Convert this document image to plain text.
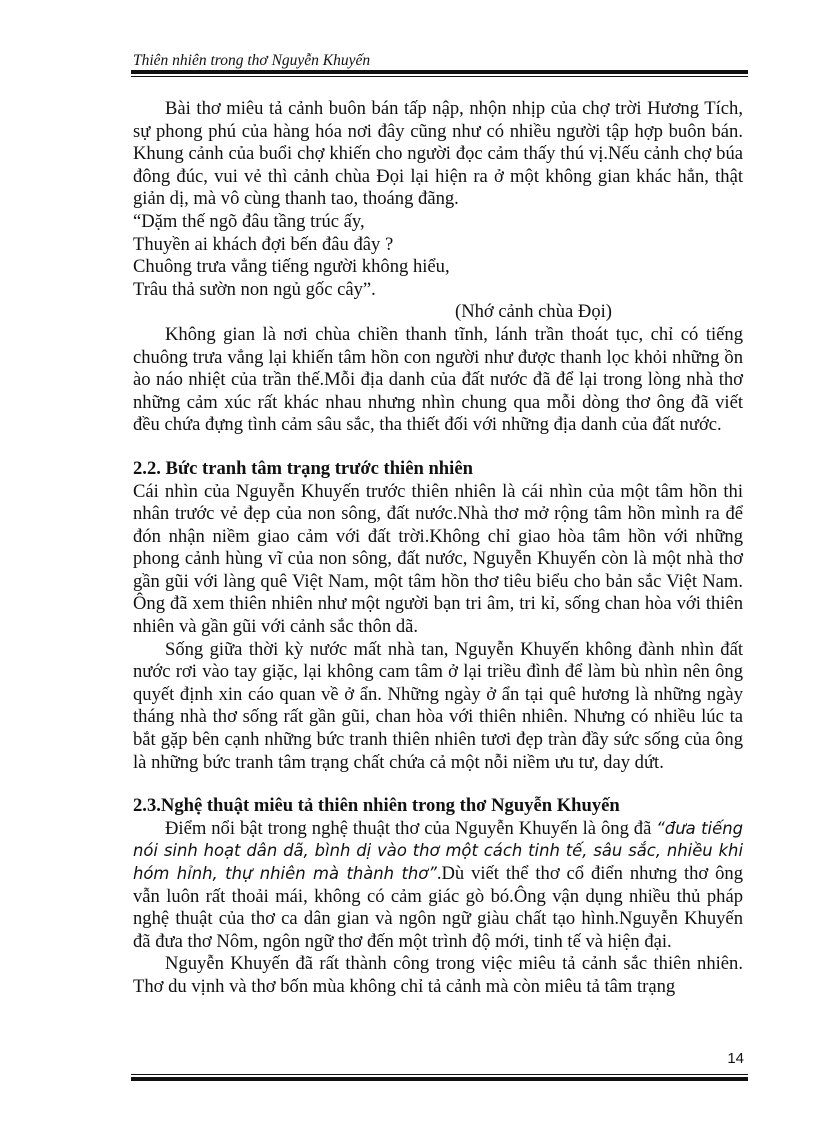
Thiên nhiên trong thơ Nguyễn Khuyến

Bài thơ miêu tả cảnh buôn bán tấp nập, nhộn nhịp của chợ trời Hương Tích, sự phong phú của hàng hóa nơi đây cũng như có nhiều người tập hợp buôn bán. Khung cảnh của buổi chợ khiến cho người đọc cảm thấy thú vị.Nếu cảnh chợ búa đông đúc, vui vẻ thì cảnh chùa Đọi lại hiện ra ở một không gian khác hẳn, thật giản dị, mà vô cùng thanh tao, thoáng đãng.

“Dặm thế ngõ đâu tầng trúc ấy,
Thuyền ai khách đợi bến đâu đây ?
Chuông trưa vẳng tiếng người không hiểu,
Trâu thả sườn non ngủ gốc cây”.

(Nhớ cảnh chùa Đọi)

Không gian là nơi chùa chiền thanh tĩnh, lánh trần thoát tục, chỉ có tiếng chuông trưa vẳng lại khiến tâm hồn con người như được thanh lọc khỏi những ồn ào náo nhiệt của trần thế.Mỗi địa danh của đất nước đã để lại trong lòng nhà thơ những cảm xúc rất khác nhau nhưng nhìn chung qua mỗi dòng thơ ông đã viết đều chứa đựng tình cảm sâu sắc, tha thiết đối với những địa danh của đất nước.

2.2. Bức tranh tâm trạng trước thiên nhiên

Cái nhìn của Nguyễn Khuyến trước thiên nhiên là cái nhìn của một tâm hồn thi nhân trước vẻ đẹp của non sông, đất nước.Nhà thơ mở rộng tâm hồn mình ra để đón nhận niềm giao cảm với đất trời.Không chỉ giao hòa tâm hồn với những phong cảnh hùng vĩ của non sông, đất nước, Nguyễn Khuyến còn là một nhà thơ gần gũi với làng quê Việt Nam, một tâm hồn thơ tiêu biểu cho bản sắc Việt Nam. Ông đã xem thiên nhiên như một người bạn tri âm, tri kỉ, sống chan hòa với thiên nhiên và gần gũi với cảnh sắc thôn dã.

Sống giữa thời kỳ nước mất nhà tan, Nguyễn Khuyến không đành nhìn đất nước rơi vào tay giặc, lại không cam tâm ở lại triều đình để làm bù nhìn nên ông quyết định xin cáo quan về ở ẩn. Những ngày ở ẩn tại quê hương là những ngày tháng nhà thơ sống rất gần gũi, chan hòa với thiên nhiên. Nhưng có nhiều lúc ta bắt gặp bên cạnh những bức tranh thiên nhiên tươi đẹp tràn đầy sức sống của ông là những bức tranh tâm trạng chất chứa cả một nỗi niềm ưu tư, day dứt.

2.3.Nghệ thuật miêu tả thiên nhiên trong thơ Nguyễn Khuyến

Điểm nổi bật trong nghệ thuật thơ của Nguyễn Khuyến là ông đã “đưa tiếng nói sinh hoạt dân dã, bình dị vào thơ một cách tinh tế, sâu sắc, nhiều khi hóm hỉnh, thự nhiên mà thành thơ”.Dù viết thể thơ cổ điển nhưng thơ ông vẫn luôn rất thoải mái, không có cảm giác gò bó.Ông vận dụng nhiều thủ pháp nghệ thuật của thơ ca dân gian và ngôn ngữ giàu chất tạo hình.Nguyễn Khuyến đã đưa thơ Nôm, ngôn ngữ thơ đến một trình độ mới, tinh tế và hiện đại.

Nguyễn Khuyến đã rất thành công trong việc miêu tả cảnh sắc thiên nhiên. Thơ du vịnh và thơ bốn mùa không chỉ tả cảnh mà còn miêu tả tâm trạng

14
